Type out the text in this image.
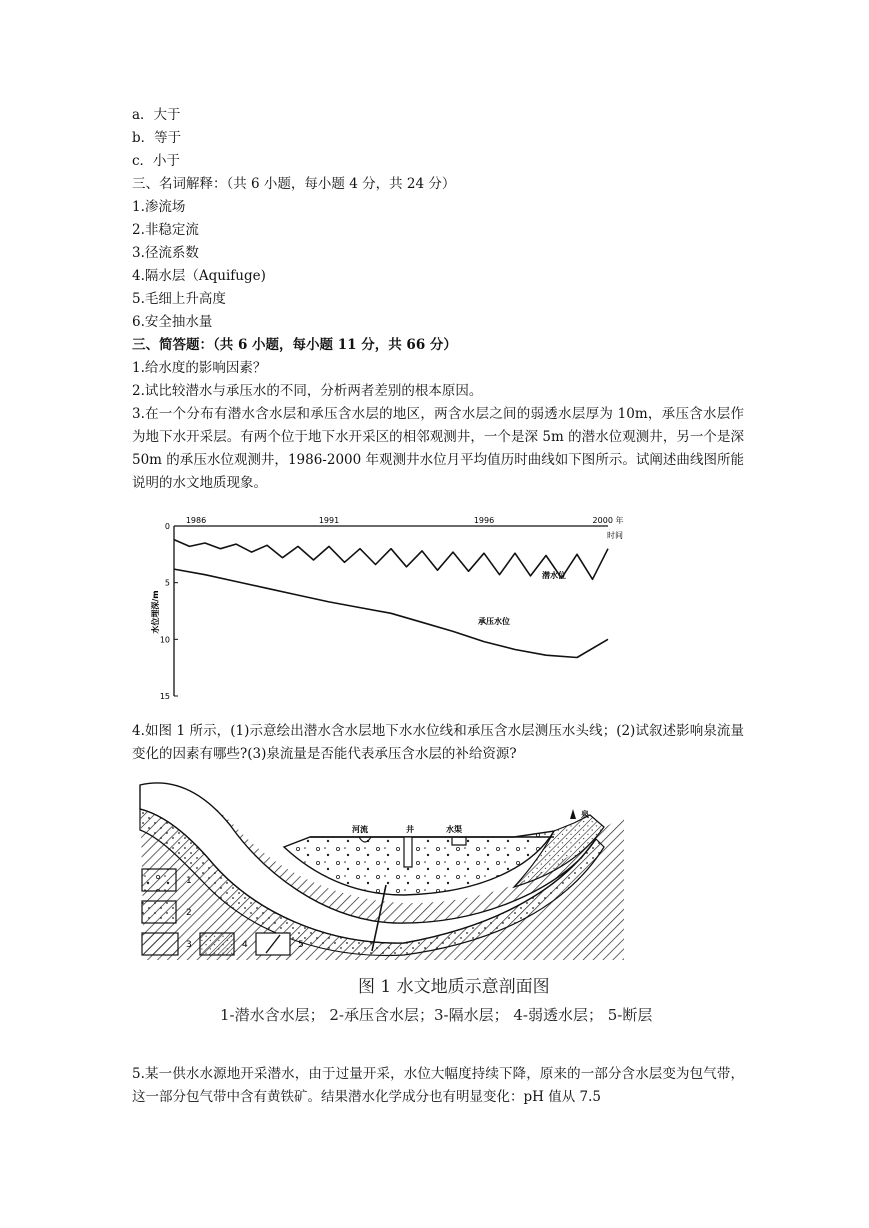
a．大于
b．等于
c．小于
三、名词解释：（共 6 小题，每小题 4 分，共 24 分）
1.渗流场
2.非稳定流
3.径流系数
4.隔水层（Aquifuge)
5.毛细上升高度
6.安全抽水量
三、简答题：（共 6 小题，每小题 11 分，共 66 分）
1.给水度的影响因素？
2.试比较潜水与承压水的不同，分析两者差别的根本原因。
3.在一个分布有潜水含水层和承压含水层的地区，两含水层之间的弱透水层厚为 10m，承压含水层作为地下水开采层。有两个位于地下水开采区的相邻观测井，一个是深 5m 的潜水位观测井，另一个是深 50m 的承压水位观测井，1986-2000 年观测井水位月平均值历时曲线如下图所示。试阐述曲线图所能说明的水文地质现象。
0
5
10
15
1986	1991	1996	2000 年
水位埋深/m
时间
潜水位
承压水位
4.如图 1 所示，(1)示意绘出潜水含水层地下水水位线和承压含水层测压水头线；(2)试叙述影响泉流量变化的因素有哪些?(3)泉流量是否能代表承压含水层的补给资源?
河流	井	水渠
泉
1
2
3	4	5
图 1 水文地质示意剖面图
1-潜水含水层； 2-承压含水层；3-隔水层； 4-弱透水层； 5-断层
5.某一供水水源地开采潜水，由于过量开采，水位大幅度持续下降，原来的一部分含水层变为包气带，这一部分包气带中含有黄铁矿。结果潜水化学成分也有明显变化：pH 值从 7.5
